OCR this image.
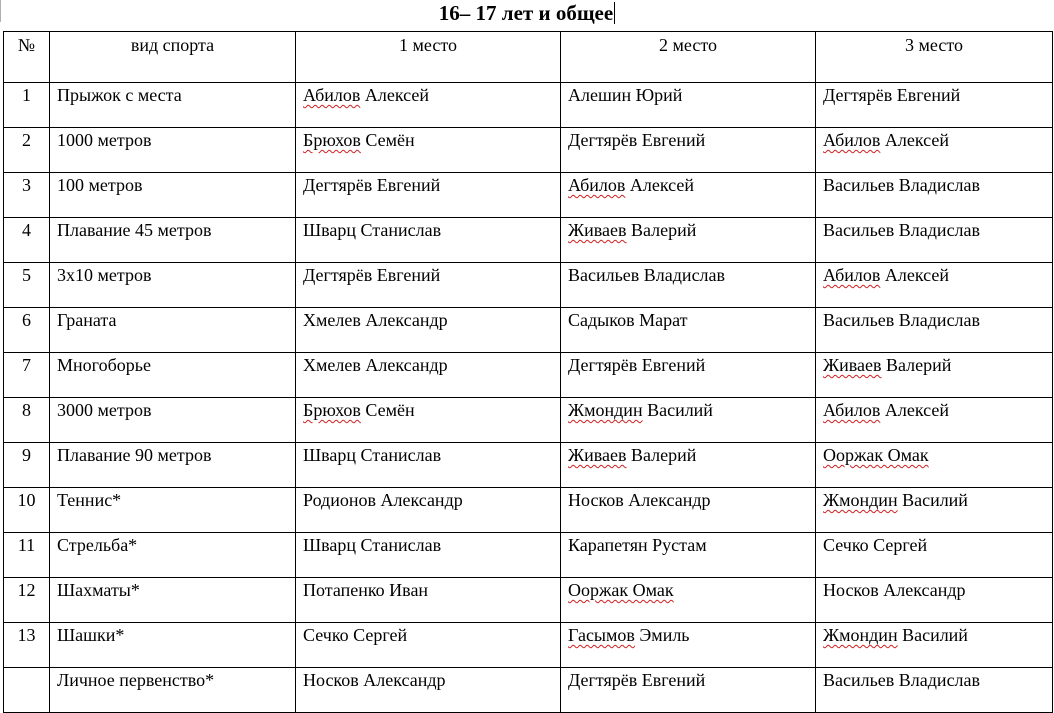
16– 17 лет и общее
№	вид спорта	1 место	2 место	3 место
1	Прыжок с места	Абилов Алексей	Алешин Юрий	Дегтярёв Евгений
2	1000 метров	Брюхов Семён	Дегтярёв Евгений	Абилов Алексей
3	100 метров	Дегтярёв Евгений	Абилов Алексей	Васильев Владислав
4	Плавание 45 метров	Шварц Станислав	Живаев Валерий	Васильев Владислав
5	3х10 метров	Дегтярёв Евгений	Васильев Владислав	Абилов Алексей
6	Граната	Хмелев Александр	Садыков Марат	Васильев Владислав
7	Многоборье	Хмелев Александр	Дегтярёв Евгений	Живаев Валерий
8	3000 метров	Брюхов Семён	Жмондин Василий	Абилов Алексей
9	Плавание 90 метров	Шварц Станислав	Живаев Валерий	Ооржак Омак
10	Теннис*	Родионов Александр	Носков Александр	Жмондин Василий
11	Стрельба*	Шварц Станислав	Карапетян Рустам	Сечко Сергей
12	Шахматы*	Потапенко Иван	Ооржак Омак	Носков Александр
13	Шашки*	Сечко Сергей	Гасымов Эмиль	Жмондин Василий
	Личное первенство*	Носков Александр	Дегтярёв Евгений	Васильев Владислав
